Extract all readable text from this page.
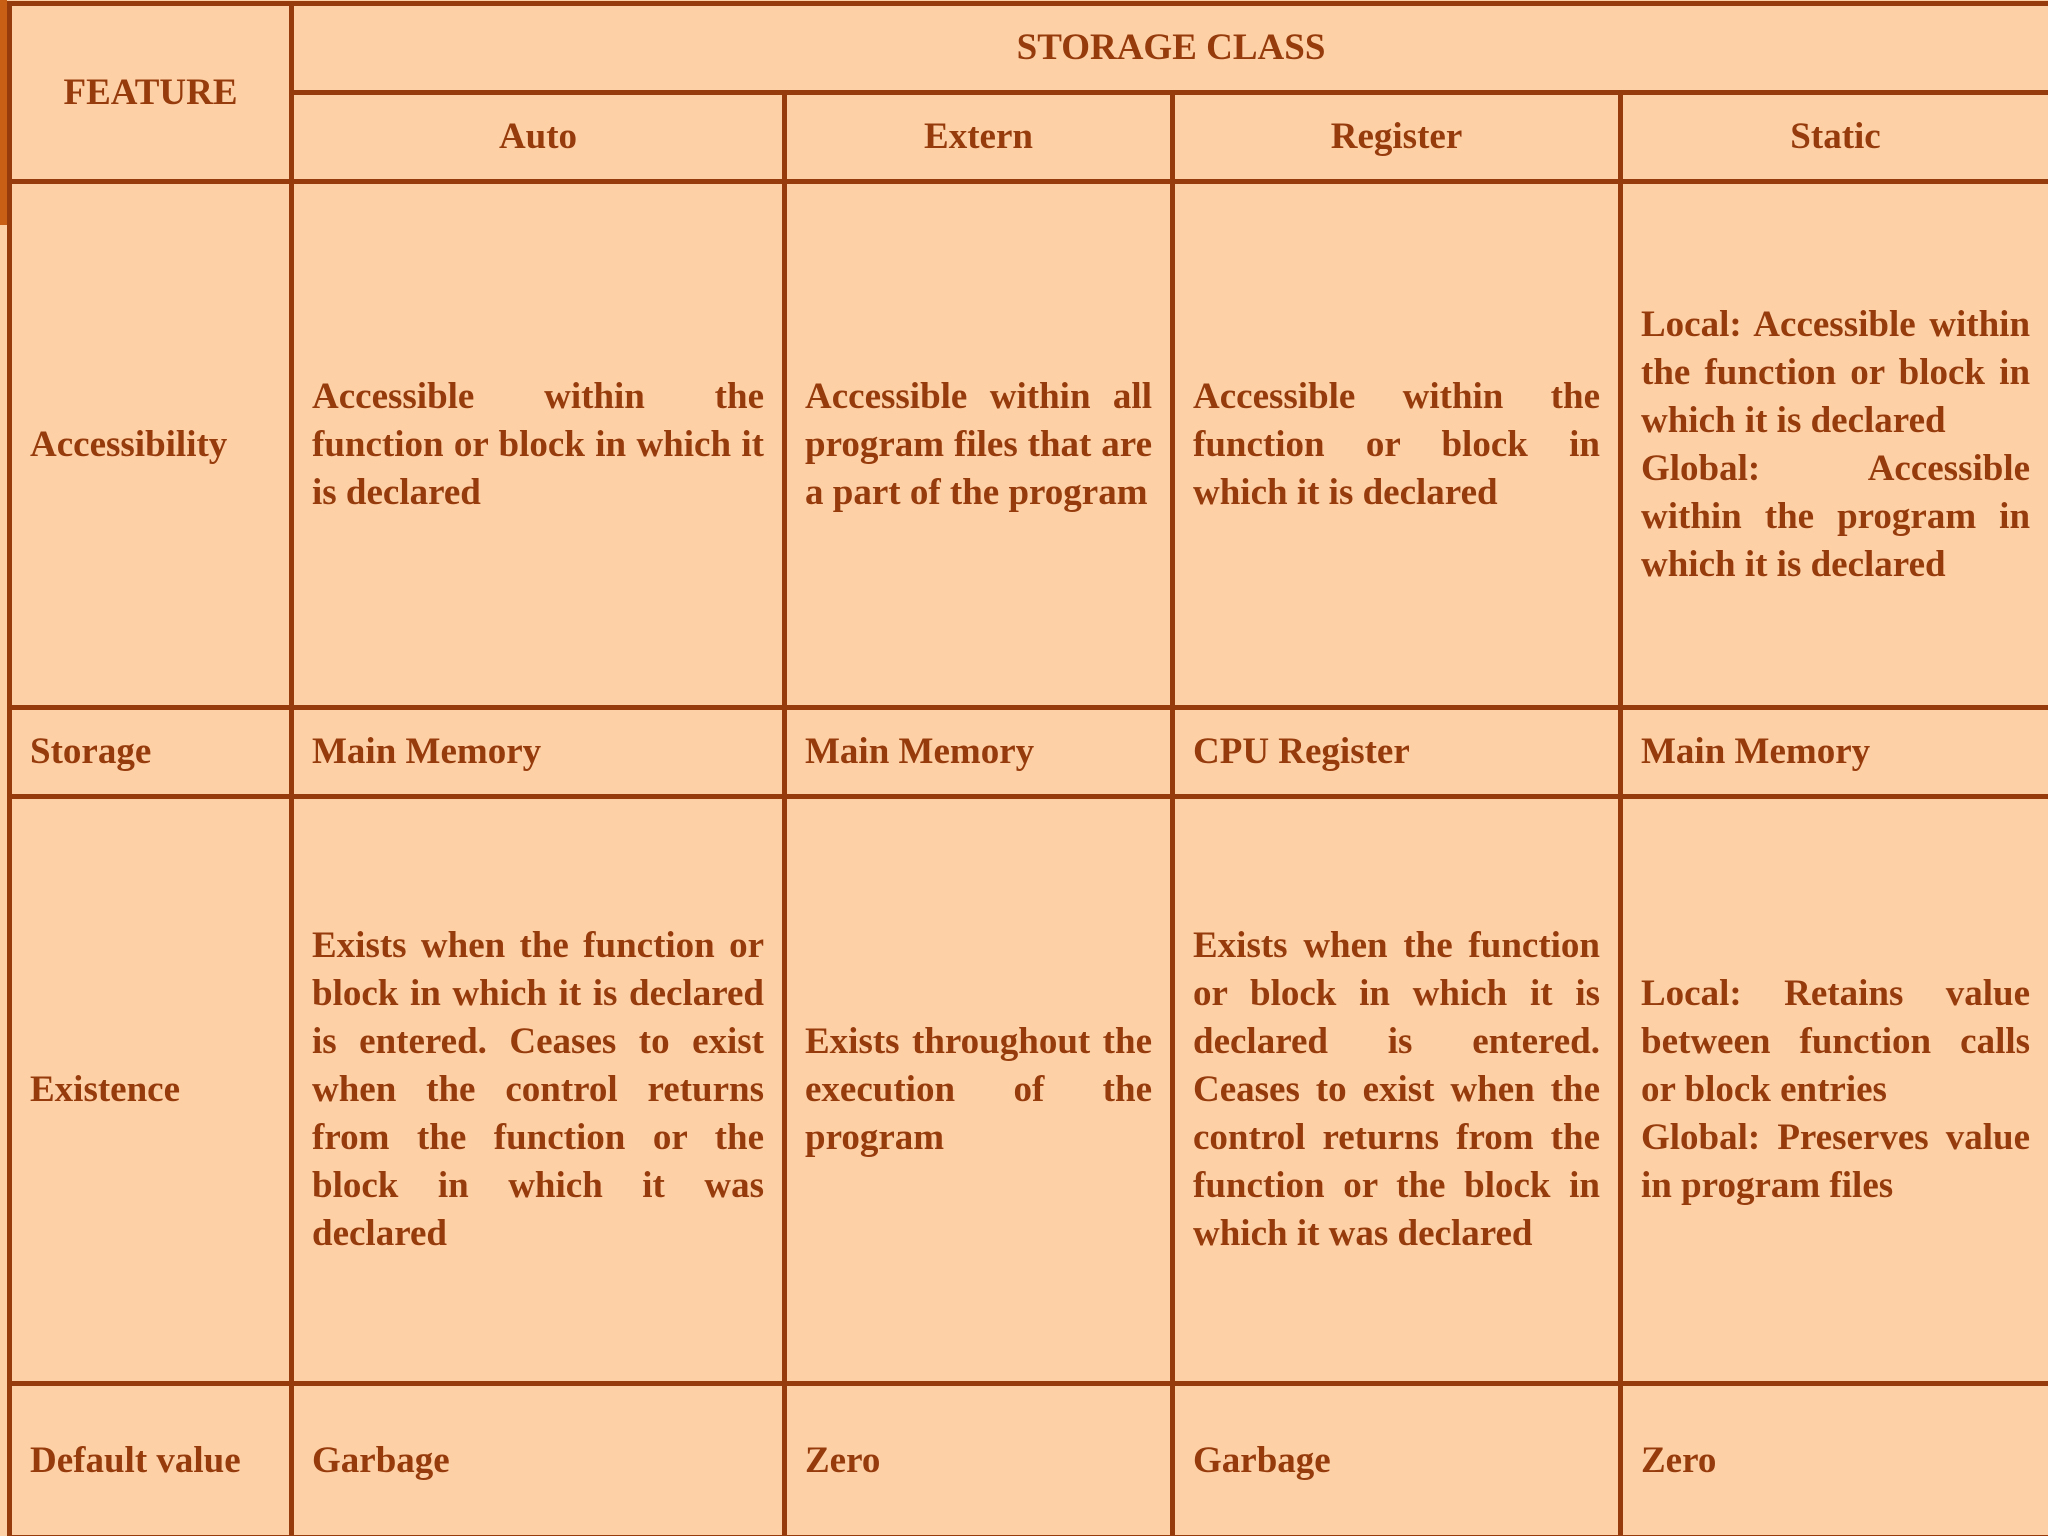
FEATURE	STORAGE CLASS			
	Auto	Extern	Register	Static
Accessibility	Accessible within the function or block in which it is declared	Accessible within all program files that are a part of the program	Accessible within the function or block in which it is declared	Local: Accessible within the function or block in which it is declared
Global: Accessible within the program in which it is declared

Storage	Main Memory	Main Memory	CPU Register	Main Memory
Existence	Exists when the function or block in which it is declared is entered. Ceases to exist when the control returns from the function or the block in which it was declared	Exists throughout the execution of the program	Exists when the function or block in which it is declared is entered. Ceases to exist when the control returns from the function or the block in which it was declared	Local: Retains value between function calls or block entries
Global: Preserves value in program files

Default value	Garbage	Zero	Garbage	Zero
